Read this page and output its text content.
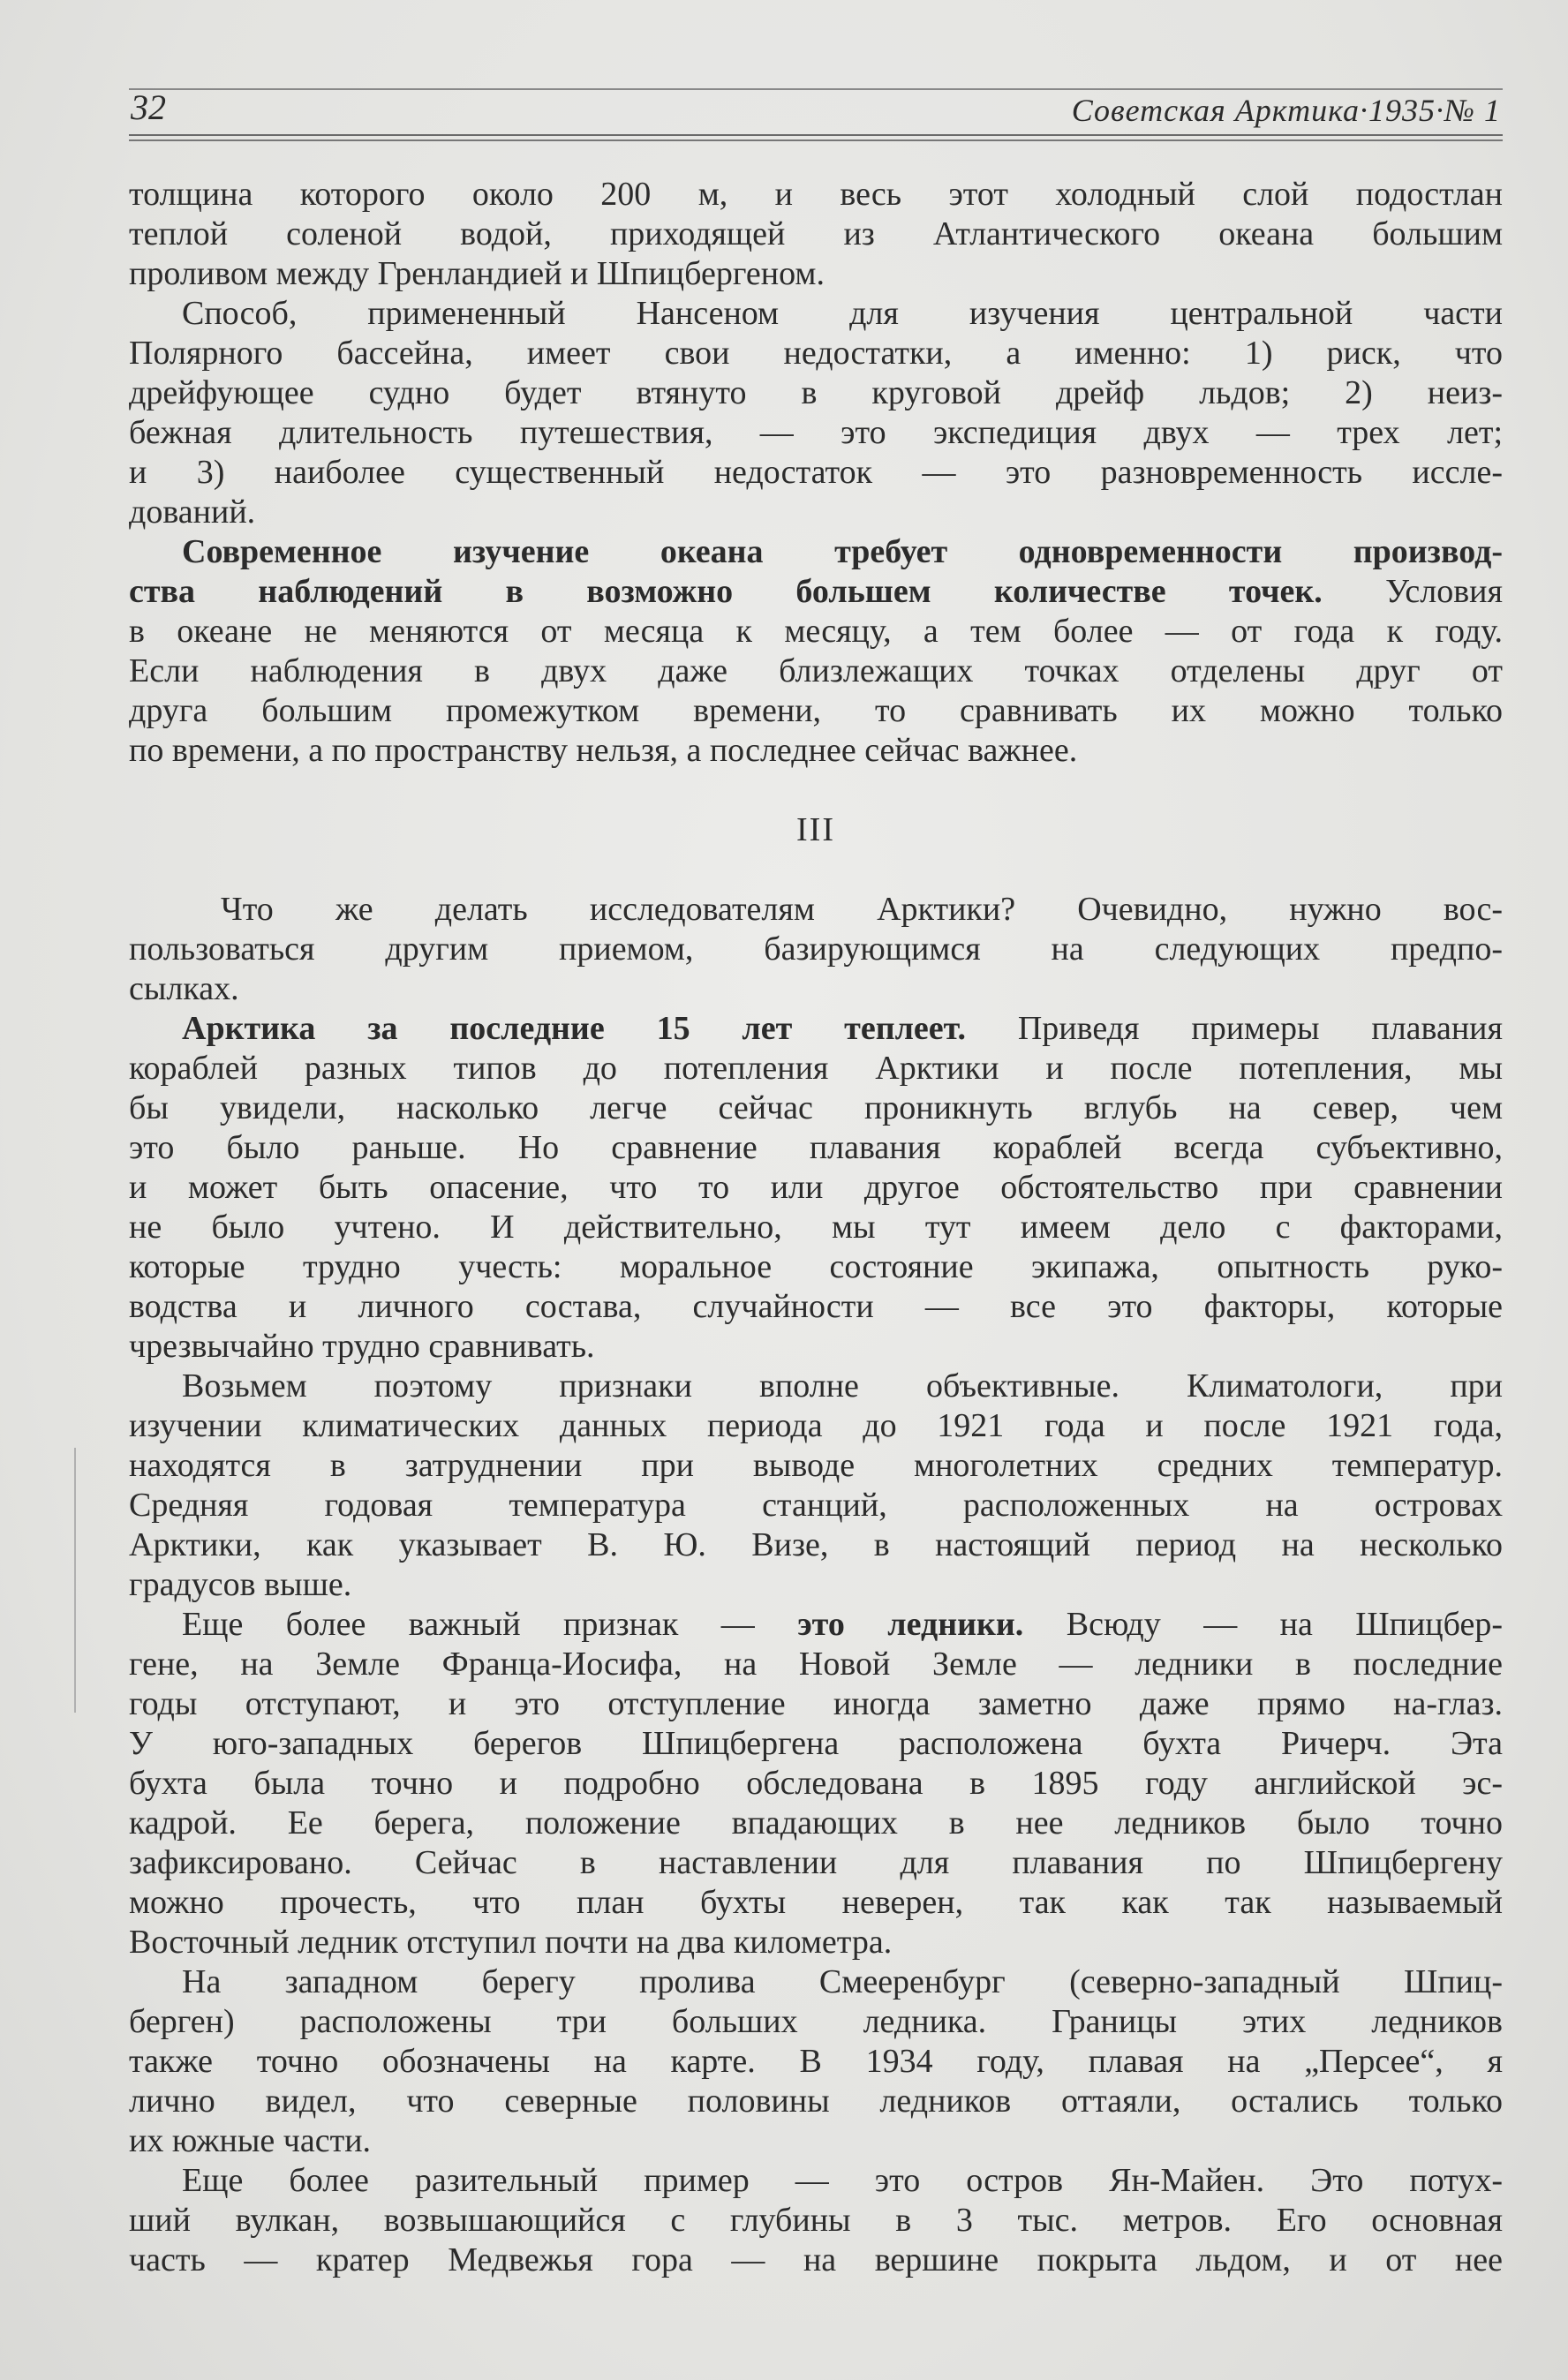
32	Советская Арктика·1935·№ 1
толщина которого около 200 м, и весь этот холодный слой подостлан
теплой соленой водой, приходящей из Атлантического океана большим
проливом между Гренландией и Шпицбергеном.
Способ, примененный Нансеном для изучения центральной части
Полярного бассейна, имеет свои недостатки, а именно: 1) риск, что
дрейфующее судно будет втянуто в круговой дрейф льдов; 2) неиз-
бежная длительность путешествия, — это экспедиция двух — трех лет;
и 3) наиболее существенный недостаток — это разновременность иссле-
дований.
Современное изучение океана требует одновременности производ-
ства наблюдений в возможно большем количестве точек. Условия
в океане не меняются от месяца к месяцу, а тем более — от года к году.
Если наблюдения в двух даже близлежащих точках отделены друг от
друга большим промежутком времени, то сравнивать их можно только
по времени, а по пространству нельзя, а последнее сейчас важнее.
III
Что же делать исследователям Арктики? Очевидно, нужно вос-
пользоваться другим приемом, базирующимся на следующих предпо-
сылках.
Арктика за последние 15 лет теплеет. Приведя примеры плавания
кораблей разных типов до потепления Арктики и после потепления, мы
бы увидели, насколько легче сейчас проникнуть вглубь на север, чем
это было раньше. Но сравнение плавания кораблей всегда субъективно,
и может быть опасение, что то или другое обстоятельство при сравнении
не было учтено. И действительно, мы тут имеем дело с факторами,
которые трудно учесть: моральное состояние экипажа, опытность руко-
водства и личного состава, случайности — все это факторы, которые
чрезвычайно трудно сравнивать.
Возьмем поэтому признаки вполне объективные. Климатологи, при
изучении климатических данных периода до 1921 года и после 1921 года,
находятся в затруднении при выводе многолетних средних температур.
Средняя годовая температура станций, расположенных на островах
Арктики, как указывает В. Ю. Визе, в настоящий период на несколько
градусов выше.
Еще более важный признак — это ледники. Всюду — на Шпицбер-
гене, на Земле Франца-Иосифа, на Новой Земле — ледники в последние
годы отступают, и это отступление иногда заметно даже прямо на-глаз.
У юго-западных берегов Шпицбергена расположена бухта Ричерч. Эта
бухта была точно и подробно обследована в 1895 году английской эс-
кадрой. Ее берега, положение впадающих в нее ледников было точно
зафиксировано. Сейчас в наставлении для плавания по Шпицбергену
можно прочесть, что план бухты неверен, так как так называемый
Восточный ледник отступил почти на два километра.
На западном берегу пролива Смееренбург (северно-западный Шпиц-
берген) расположены три больших ледника. Границы этих ледников
также точно обозначены на карте. В 1934 году, плавая на „Персее“, я
лично видел, что северные половины ледников оттаяли, остались только
их южные части.
Еще более разительный пример — это остров Ян-Майен. Это потух-
ший вулкан, возвышающийся с глубины в 3 тыс. метров. Его основная
часть — кратер Медвежья гора — на вершине покрыта льдом, и от нее
